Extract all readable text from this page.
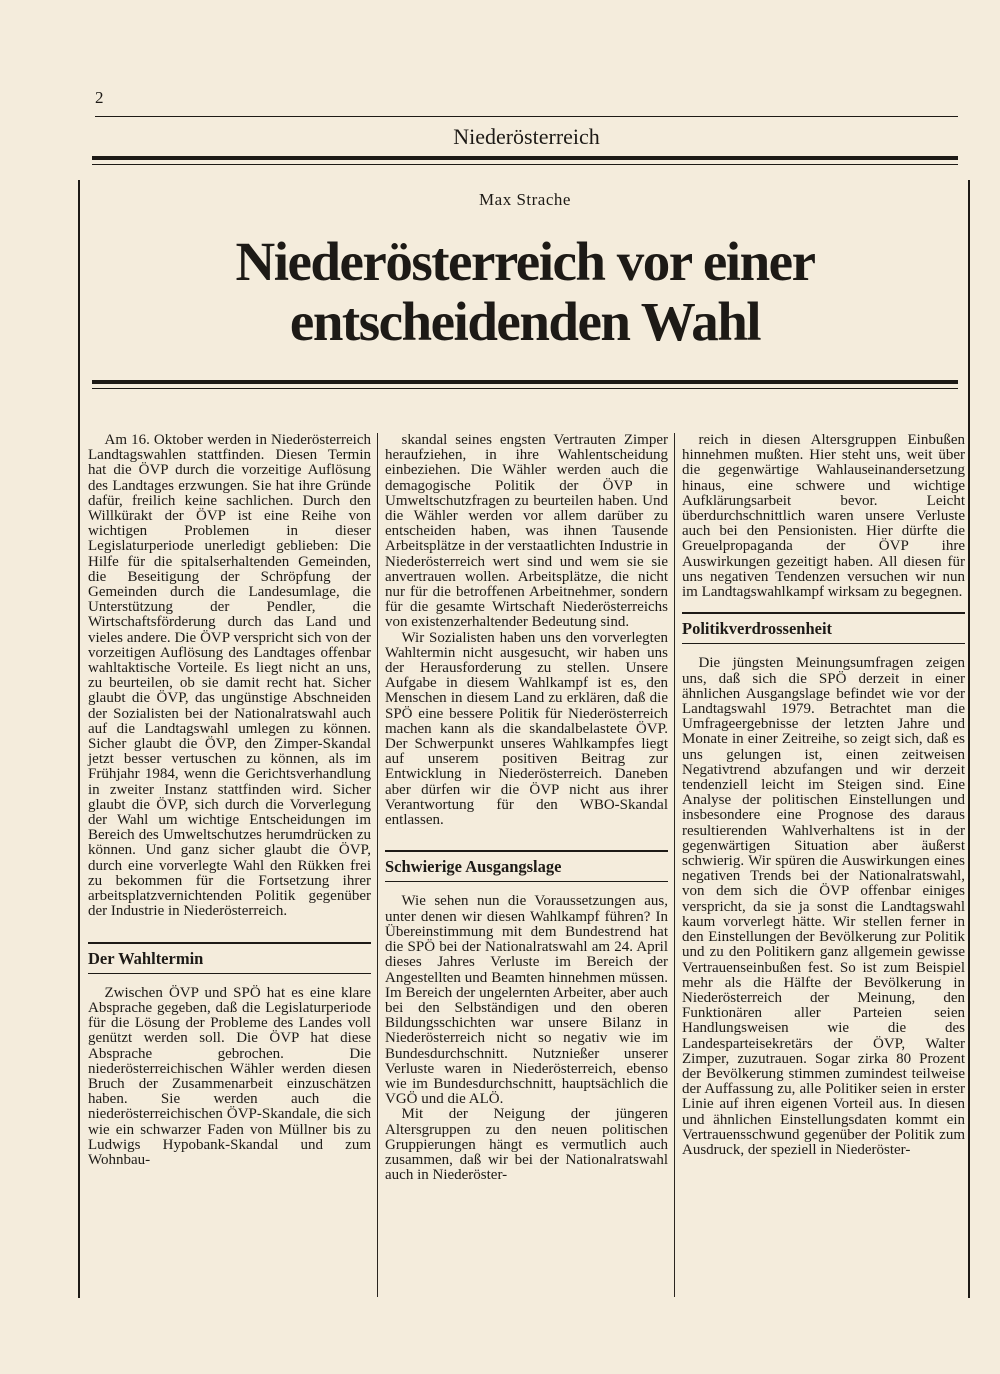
2
Niederösterreich
Max Strache
Niederösterreich vor einer
entscheidenden Wahl

Am 16. Oktober werden in Niederösterreich Landtagswahlen stattfinden. Diesen Termin hat die ÖVP durch die vorzeitige Auflösung des Landtages erzwungen. Sie hat ihre Gründe dafür, freilich keine sachlichen. Durch den Willkürakt der ÖVP ist eine Reihe von wichtigen Problemen in dieser Legislaturperiode unerledigt geblieben: Die Hilfe für die spitalserhaltenden Gemeinden, die Beseitigung der Schröpfung der Gemeinden durch die Landesumlage, die Unterstützung der Pendler, die Wirtschaftsförderung durch das Land und vieles andere. Die ÖVP verspricht sich von der vorzeitigen Auflösung des Landtages offenbar wahltaktische Vorteile. Es liegt nicht an uns, zu beurteilen, ob sie damit recht hat. Sicher glaubt die ÖVP, das ungünstige Abschneiden der Sozialisten bei der Nationalratswahl auch auf die Landtagswahl umlegen zu können. Sicher glaubt die ÖVP, den Zimper-Skandal jetzt besser vertuschen zu können, als im Frühjahr 1984, wenn die Gerichtsverhandlung in zweiter Instanz stattfinden wird. Sicher glaubt die ÖVP, sich durch die Vorverlegung der Wahl um wichtige Entscheidungen im Bereich des Umweltschutzes herumdrücken zu können. Und ganz sicher glaubt die ÖVP, durch eine vorverlegte Wahl den Rükken frei zu bekommen für die Fortsetzung ihrer arbeitsplatzvernichtenden Politik gegenüber der Industrie in Niederösterreich.

Der Wahltermin

Zwischen ÖVP und SPÖ hat es eine klare Absprache gegeben, daß die Legislaturperiode für die Lösung der Probleme des Landes voll genützt werden soll. Die ÖVP hat diese Absprache gebrochen. Die niederösterreichischen Wähler werden diesen Bruch der Zusammenarbeit einzuschätzen haben. Sie werden auch die niederösterreichischen ÖVP-Skandale, die sich wie ein schwarzer Faden von Müllner bis zu Ludwigs Hypobank-Skandal und zum Wohnbau-

skandal seines engsten Vertrauten Zimper heraufziehen, in ihre Wahlentscheidung einbeziehen. Die Wähler werden auch die demagogische Politik der ÖVP in Umweltschutzfragen zu beurteilen haben. Und die Wähler werden vor allem darüber zu entscheiden haben, was ihnen Tausende Arbeitsplätze in der verstaatlichten Industrie in Niederösterreich wert sind und wem sie sie anvertrauen wollen. Arbeitsplätze, die nicht nur für die betroffenen Arbeitnehmer, sondern für die gesamte Wirtschaft Niederösterreichs von existenzerhaltender Bedeutung sind.

Wir Sozialisten haben uns den vorverlegten Wahltermin nicht ausgesucht, wir haben uns der Herausforderung zu stellen. Unsere Aufgabe in diesem Wahlkampf ist es, den Menschen in diesem Land zu erklären, daß die SPÖ eine bessere Politik für Niederösterreich machen kann als die skandalbelastete ÖVP. Der Schwerpunkt unseres Wahlkampfes liegt auf unserem positiven Beitrag zur Entwicklung in Niederösterreich. Daneben aber dürfen wir die ÖVP nicht aus ihrer Verantwortung für den WBO-Skandal entlassen.

Schwierige Ausgangslage

Wie sehen nun die Voraussetzungen aus, unter denen wir diesen Wahlkampf führen? In Übereinstimmung mit dem Bundestrend hat die SPÖ bei der Nationalratswahl am 24. April dieses Jahres Verluste im Bereich der Angestellten und Beamten hinnehmen müssen. Im Bereich der ungelernten Arbeiter, aber auch bei den Selbständigen und den oberen Bildungsschichten war unsere Bilanz in Niederösterreich nicht so negativ wie im Bundesdurchschnitt. Nutznießer unserer Verluste waren in Niederösterreich, ebenso wie im Bundesdurchschnitt, hauptsächlich die VGÖ und die ALÖ.

Mit der Neigung der jüngeren Altersgruppen zu den neuen politischen Gruppierungen hängt es vermutlich auch zusammen, daß wir bei der Nationalratswahl auch in Niederöster-

reich in diesen Altersgruppen Einbußen hinnehmen mußten. Hier steht uns, weit über die gegenwärtige Wahlauseinandersetzung hinaus, eine schwere und wichtige Aufklärungsarbeit bevor. Leicht überdurchschnittlich waren unsere Verluste auch bei den Pensionisten. Hier dürfte die Greuelpropaganda der ÖVP ihre Auswirkungen gezeitigt haben. All diesen für uns negativen Tendenzen versuchen wir nun im Landtagswahlkampf wirksam zu begegnen.

Politikverdrossenheit

Die jüngsten Meinungsumfragen zeigen uns, daß sich die SPÖ derzeit in einer ähnlichen Ausgangslage befindet wie vor der Landtagswahl 1979. Betrachtet man die Umfrageergebnisse der letzten Jahre und Monate in einer Zeitreihe, so zeigt sich, daß es uns gelungen ist, einen zeitweisen Negativtrend abzufangen und wir derzeit tendenziell leicht im Steigen sind. Eine Analyse der politischen Einstellungen und insbesondere eine Prognose des daraus resultierenden Wahlverhaltens ist in der gegenwärtigen Situation aber äußerst schwierig. Wir spüren die Auswirkungen eines negativen Trends bei der Nationalratswahl, von dem sich die ÖVP offenbar einiges verspricht, da sie ja sonst die Landtagswahl kaum vorverlegt hätte. Wir stellen ferner in den Einstellungen der Bevölkerung zur Politik und zu den Politikern ganz allgemein gewisse Vertrauenseinbußen fest. So ist zum Beispiel mehr als die Hälfte der Bevölkerung in Niederösterreich der Meinung, den Funktionären aller Parteien seien Handlungsweisen wie die des Landesparteisekretärs der ÖVP, Walter Zimper, zuzutrauen. Sogar zirka 80 Prozent der Bevölkerung stimmen zumindest teilweise der Auffassung zu, alle Politiker seien in erster Linie auf ihren eigenen Vorteil aus. In diesen und ähnlichen Einstellungsdaten kommt ein Vertrauensschwund gegenüber der Politik zum Ausdruck, der speziell in Niederöster-
